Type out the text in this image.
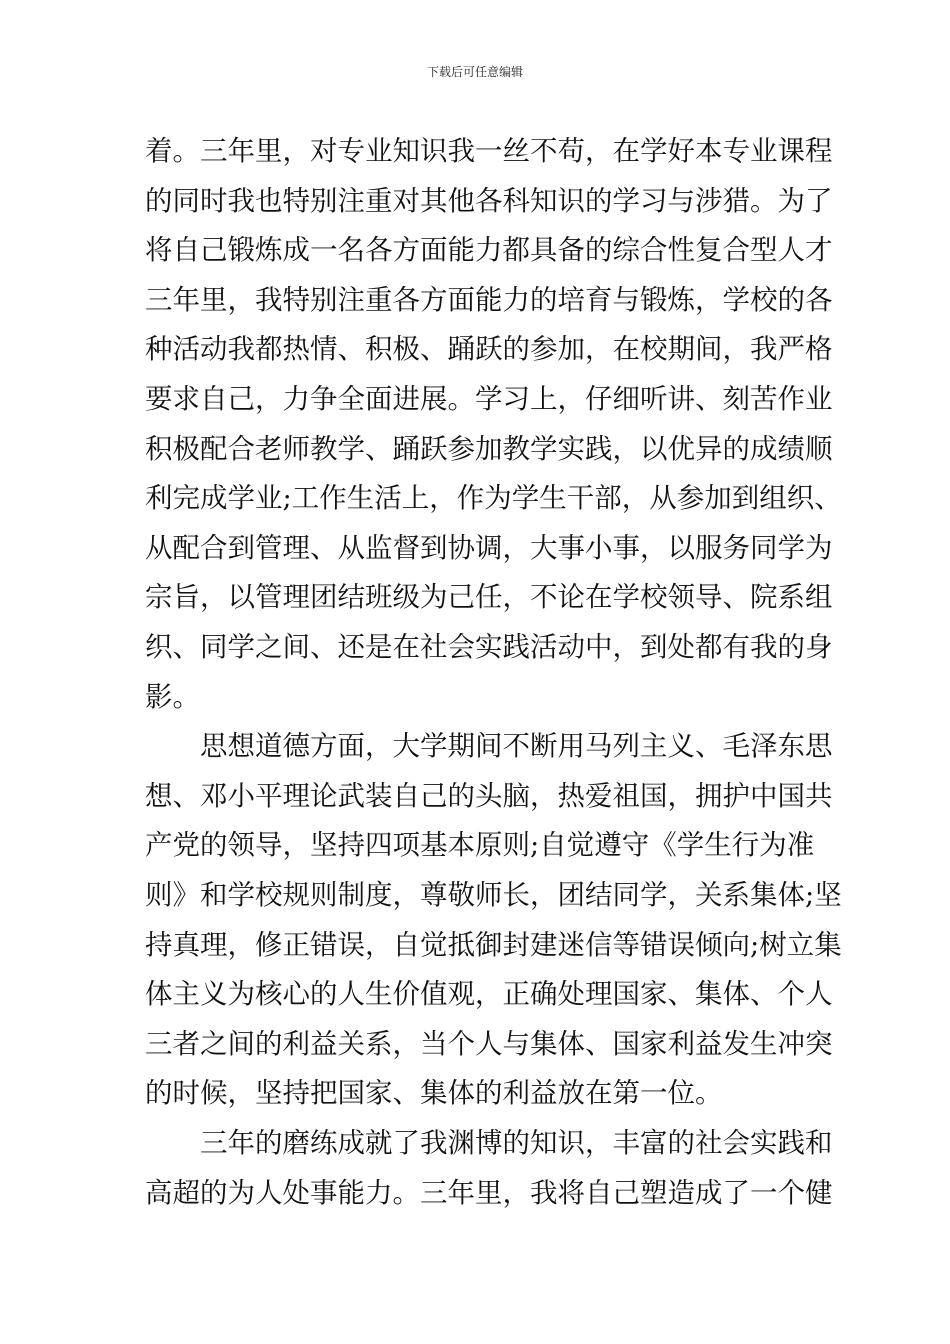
下载后可任意编辑
着。三年里，对专业知识我一丝不苟，在学好本专业课程
的同时我也特别注重对其他各科知识的学习与涉猎。为了
将自己锻炼成一名各方面能力都具备的综合性复合型人才
三年里，我特别注重各方面能力的培育与锻炼，学校的各
种活动我都热情、积极、踊跃的参加，在校期间，我严格
要求自己，力争全面进展。学习上，仔细听讲、刻苦作业
积极配合老师教学、踊跃参加教学实践，以优异的成绩顺
利完成学业;工作生活上，作为学生干部，从参加到组织、
从配合到管理、从监督到协调，大事小事，以服务同学为
宗旨，以管理团结班级为己任，不论在学校领导、院系组
织、同学之间、还是在社会实践活动中，到处都有我的身
影。
　　思想道德方面，大学期间不断用马列主义、毛泽东思
想、邓小平理论武装自己的头脑，热爱祖国，拥护中国共
产党的领导，坚持四项基本原则;自觉遵守《学生行为准
则》和学校规则制度，尊敬师长，团结同学，关系集体;坚
持真理，修正错误，自觉抵御封建迷信等错误倾向;树立集
体主义为核心的人生价值观，正确处理国家、集体、个人
三者之间的利益关系，当个人与集体、国家利益发生冲突
的时候，坚持把国家、集体的利益放在第一位。
　　三年的磨练成就了我渊博的知识，丰富的社会实践和
高超的为人处事能力。三年里，我将自己塑造成了一个健
